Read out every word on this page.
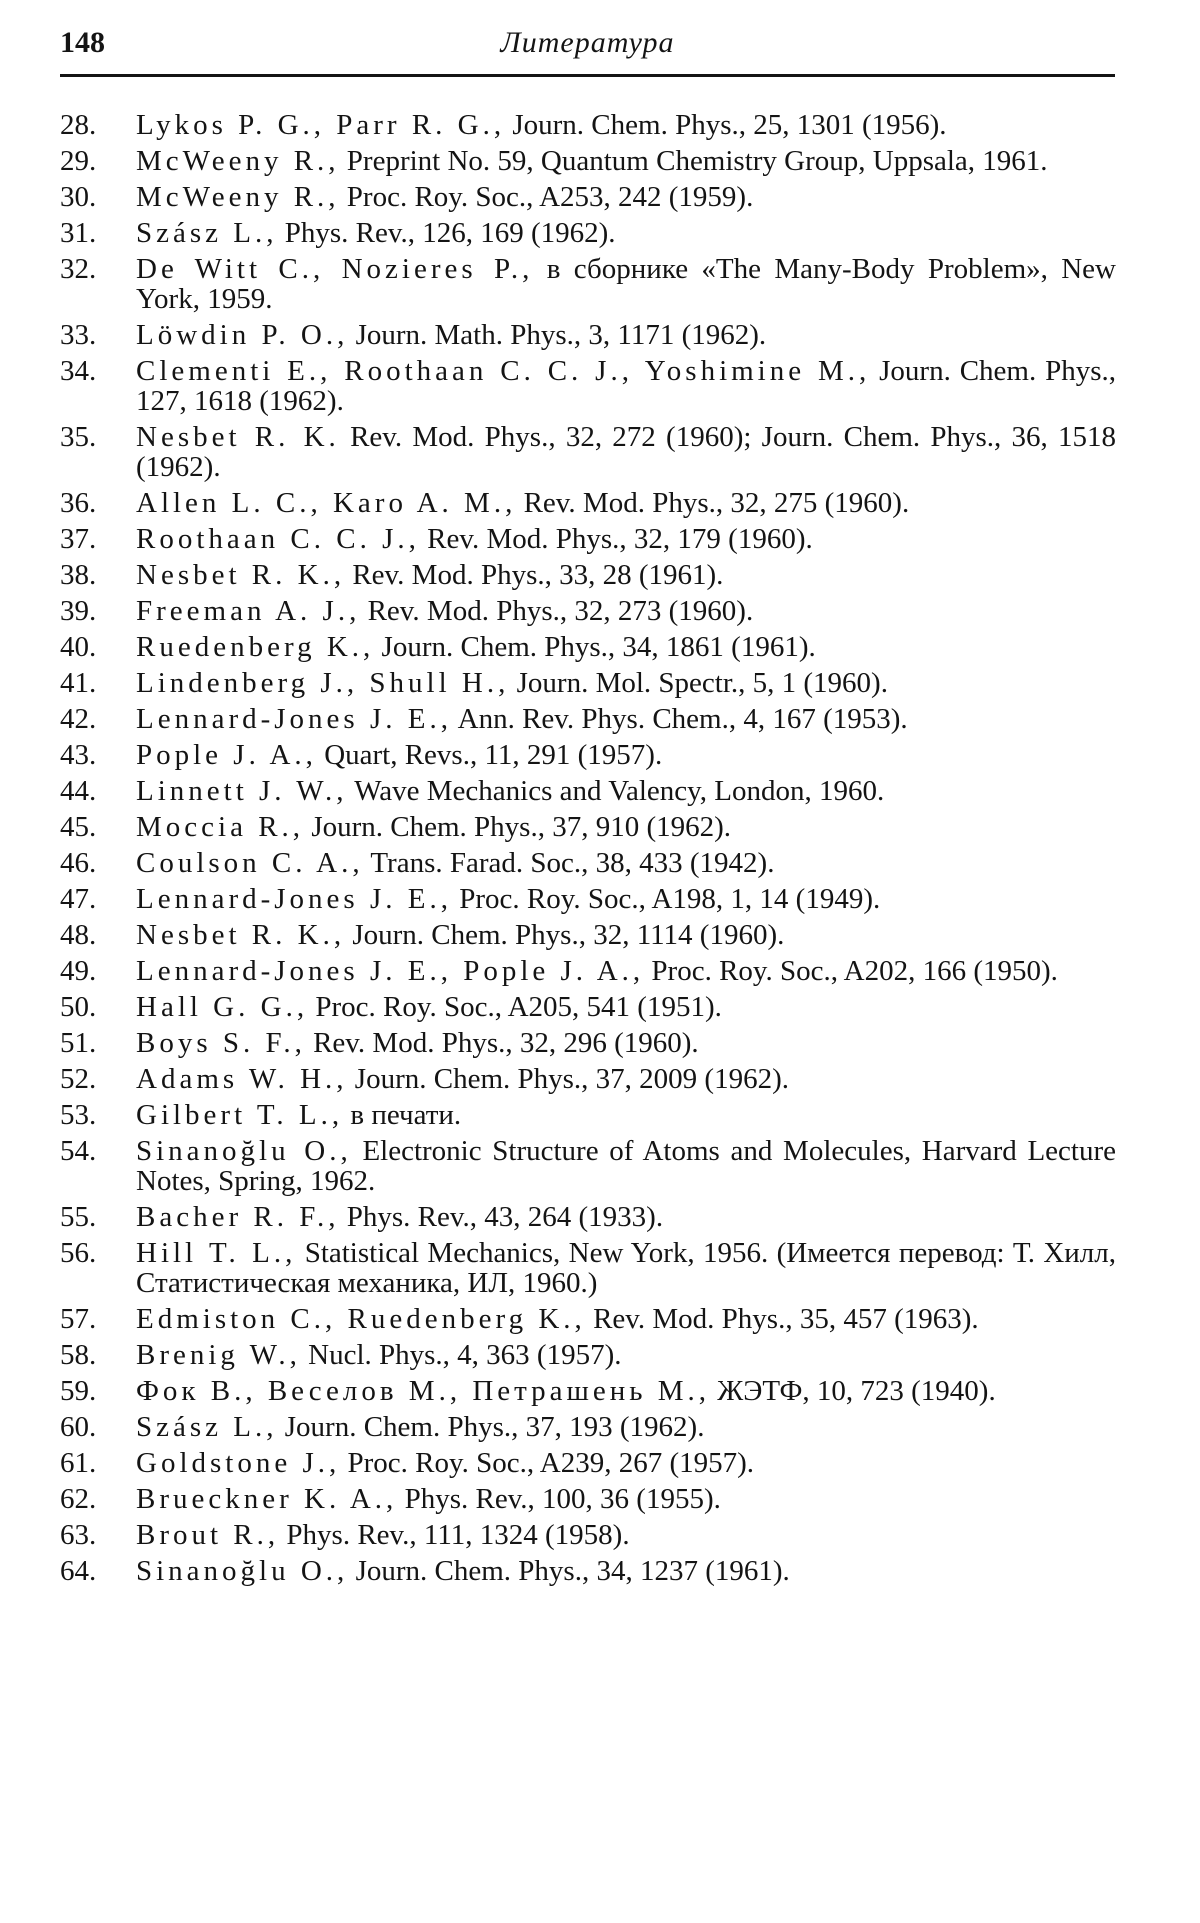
148	Литература
28.	Lykos P. G., Parr R. G., Journ. Chem. Phys., 25, 1301 (1956).
29.	McWeeny R., Preprint No. 59, Quantum Chemistry Group, Uppsala, 1961.
30.	McWeeny R., Proc. Roy. Soc., A253, 242 (1959).
31.	Szász L., Phys. Rev., 126, 169 (1962).
32.	De Witt C., Nozieres P., в сборнике «The Many-Body Problem», New York, 1959.
33.	Löwdin P. O., Journ. Math. Phys., 3, 1171 (1962).
34.	Clementi E., Roothaan C. C. J., Yoshimine M., Journ. Chem. Phys., 127, 1618 (1962).
35.	Nesbet R. K. Rev. Mod. Phys., 32, 272 (1960); Journ. Chem. Phys., 36, 1518 (1962).
36.	Allen L. C., Karo A. M., Rev. Mod. Phys., 32, 275 (1960).
37.	Roothaan C. C. J., Rev. Mod. Phys., 32, 179 (1960).
38.	Nesbet R. K., Rev. Mod. Phys., 33, 28 (1961).
39.	Freeman A. J., Rev. Mod. Phys., 32, 273 (1960).
40.	Ruedenberg K., Journ. Chem. Phys., 34, 1861 (1961).
41.	Lindenberg J., Shull H., Journ. Mol. Spectr., 5, 1 (1960).
42.	Lennard-Jones J. E., Ann. Rev. Phys. Chem., 4, 167 (1953).
43.	Pople J. A., Quart, Revs., 11, 291 (1957).
44.	Linnett J. W., Wave Mechanics and Valency, London, 1960.
45.	Moccia R., Journ. Chem. Phys., 37, 910 (1962).
46.	Coulson C. A., Trans. Farad. Soc., 38, 433 (1942).
47.	Lennard-Jones J. E., Proc. Roy. Soc., A198, 1, 14 (1949).
48.	Nesbet R. K., Journ. Chem. Phys., 32, 1114 (1960).
49.	Lennard-Jones J. E., Pople J. A., Proc. Roy. Soc., A202, 166 (1950).
50.	Hall G. G., Proc. Roy. Soc., A205, 541 (1951).
51.	Boys S. F., Rev. Mod. Phys., 32, 296 (1960).
52.	Adams W. H., Journ. Chem. Phys., 37, 2009 (1962).
53.	Gilbert T. L., в печати.
54.	Sinanoğlu O., Electronic Structure of Atoms and Molecules, Harvard Lecture Notes, Spring, 1962.
55.	Bacher R. F., Phys. Rev., 43, 264 (1933).
56.	Hill T. L., Statistical Mechanics, New York, 1956. (Имеется перевод: Т. Хилл, Статистическая механика, ИЛ, 1960.)
57.	Edmiston C., Ruedenberg K., Rev. Mod. Phys., 35, 457 (1963).
58.	Brenig W., Nucl. Phys., 4, 363 (1957).
59.	Фок В., Веселов М., Петрашень М., ЖЭТФ, 10, 723 (1940).
60.	Szász L., Journ. Chem. Phys., 37, 193 (1962).
61.	Goldstone J., Proc. Roy. Soc., A239, 267 (1957).
62.	Brueckner K. A., Phys. Rev., 100, 36 (1955).
63.	Brout R., Phys. Rev., 111, 1324 (1958).
64.	Sinanoğlu O., Journ. Chem. Phys., 34, 1237 (1961).
